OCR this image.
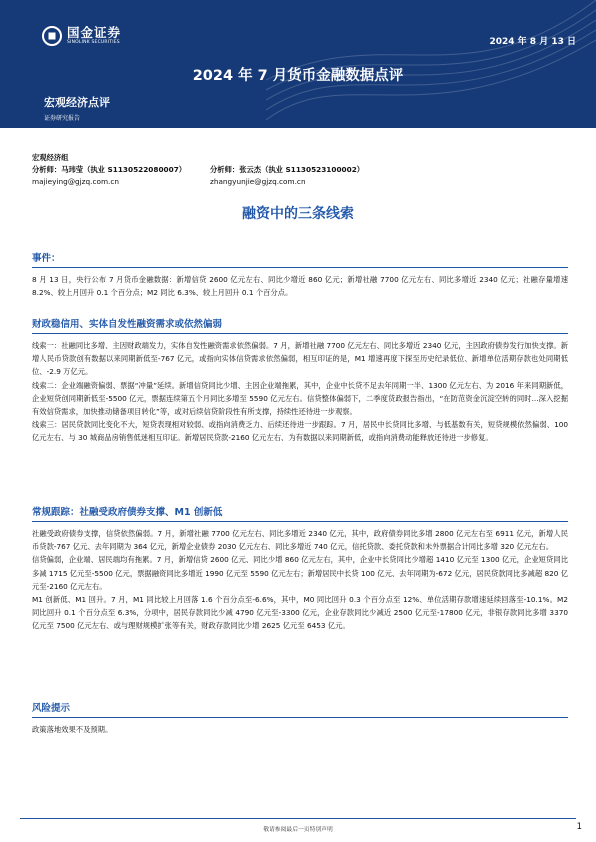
国金证券
SINOLINK SECURITIES	2024 年 8 月 13 日
2024 年 7 月货币金融数据点评
宏观经济点评
证券研究报告
宏观经济组
分析师：马玮莹（执业 S1130522080007）	分析师：张云杰（执业 S1130523100002）
majieying@gjzq.com.cn	zhangyunjie@gjzq.com.cn
融资中的三条线索
事件：

8 月 13 日，央行公布 7 月货币金融数据：新增信贷 2600 亿元左右、同比少增近 860 亿元；新增社融 7700 亿元左右、同比多增近 2340 亿元；社融存量增速 8.2%、较上月回升 0.1 个百分点；M2 同比 6.3%、较上月回升 0.1 个百分点。

财政稳信用、实体自发性融资需求或依然偏弱

线索一：社融同比多增、主因财政端发力，实体自发性融资需求依然偏弱。7 月，新增社融 7700 亿元左右、同比多增近 2340 亿元，主因政府债券发行加快支撑。新增人民币贷款创有数据以来同期新低至-767 亿元，或指向实体信贷需求依然偏弱，相互印证的是，M1 增速再度下探至历史纪录低位、新增单位活期存款也处同期低位、-2.9 万亿元。

线索二：企业端融资偏弱、票据“冲量”延续。新增信贷同比少增、主因企业端拖累，其中，企业中长贷不足去年同期一半、1300 亿元左右、为 2016 年来同期新低，企业短贷创同期新低至-5500 亿元，票据连续第五个月同比多增至 5590 亿元左右。信贷整体偏弱下，二季度货政报告指出，“在防范资金沉淀空转的同时...深入挖掘有效信贷需求，加快推动储备项目转化”等，或对后续信贷阶段性有所支撑，持续性还待进一步观察。

线索三：居民贷款同比变化不大，短贷表现相对较弱、或指向消费乏力、后续还待进一步跟踪。7 月，居民中长贷同比多增、与低基数有关，短贷规模依然偏弱、100 亿元左右、与 30 城商品房销售低迷相互印证。新增居民贷款-2160 亿元左右、为有数据以来同期新低，或指向消费动能释放还待进一步修复。

常规跟踪：社融受政府债券支撑、M1 创新低

社融受政府债券支撑，信贷依然偏弱。7 月，新增社融 7700 亿元左右、同比多增近 2340 亿元，其中，政府债券同比多增 2800 亿元左右至 6911 亿元，新增人民币贷款-767 亿元、去年同期为 364 亿元，新增企业债券 2030 亿元左右、同比多增近 740 亿元，信托贷款、委托贷款和未外票据合计同比多增 320 亿元左右。

信贷偏弱，企业端、居民端均有拖累。7 月，新增信贷 2600 亿元、同比少增 860 亿元左右，其中，企业中长贷同比少增超 1410 亿元至 1300 亿元，企业短贷同比多减 1715 亿元至-5500 亿元，票据融资同比多增近 1990 亿元至 5590 亿元左右；新增居民中长贷 100 亿元、去年同期为-672 亿元，居民贷款同比多减超 820 亿元至-2160 亿元左右。

M1 创新低、M1 回升。7 月，M1 同比较上月回落 1.6 个百分点至-6.6%，其中，M0 同比回升 0.3 个百分点至 12%、单位活期存款增速延续回落至-10.1%。M2 同比回升 0.1 个百分点至 6.3%，分项中，居民存款同比少减 4790 亿元至-3300 亿元，企业存款同比少减近 2500 亿元至-17800 亿元，非银存款同比多增 3370 亿元至 7500 亿元左右、或与理财规模扩张等有关，财政存款同比少增 2625 亿元至 6453 亿元。

风险提示

政策落地效果不及预期。

敬请参阅最后一页特别声明	1
